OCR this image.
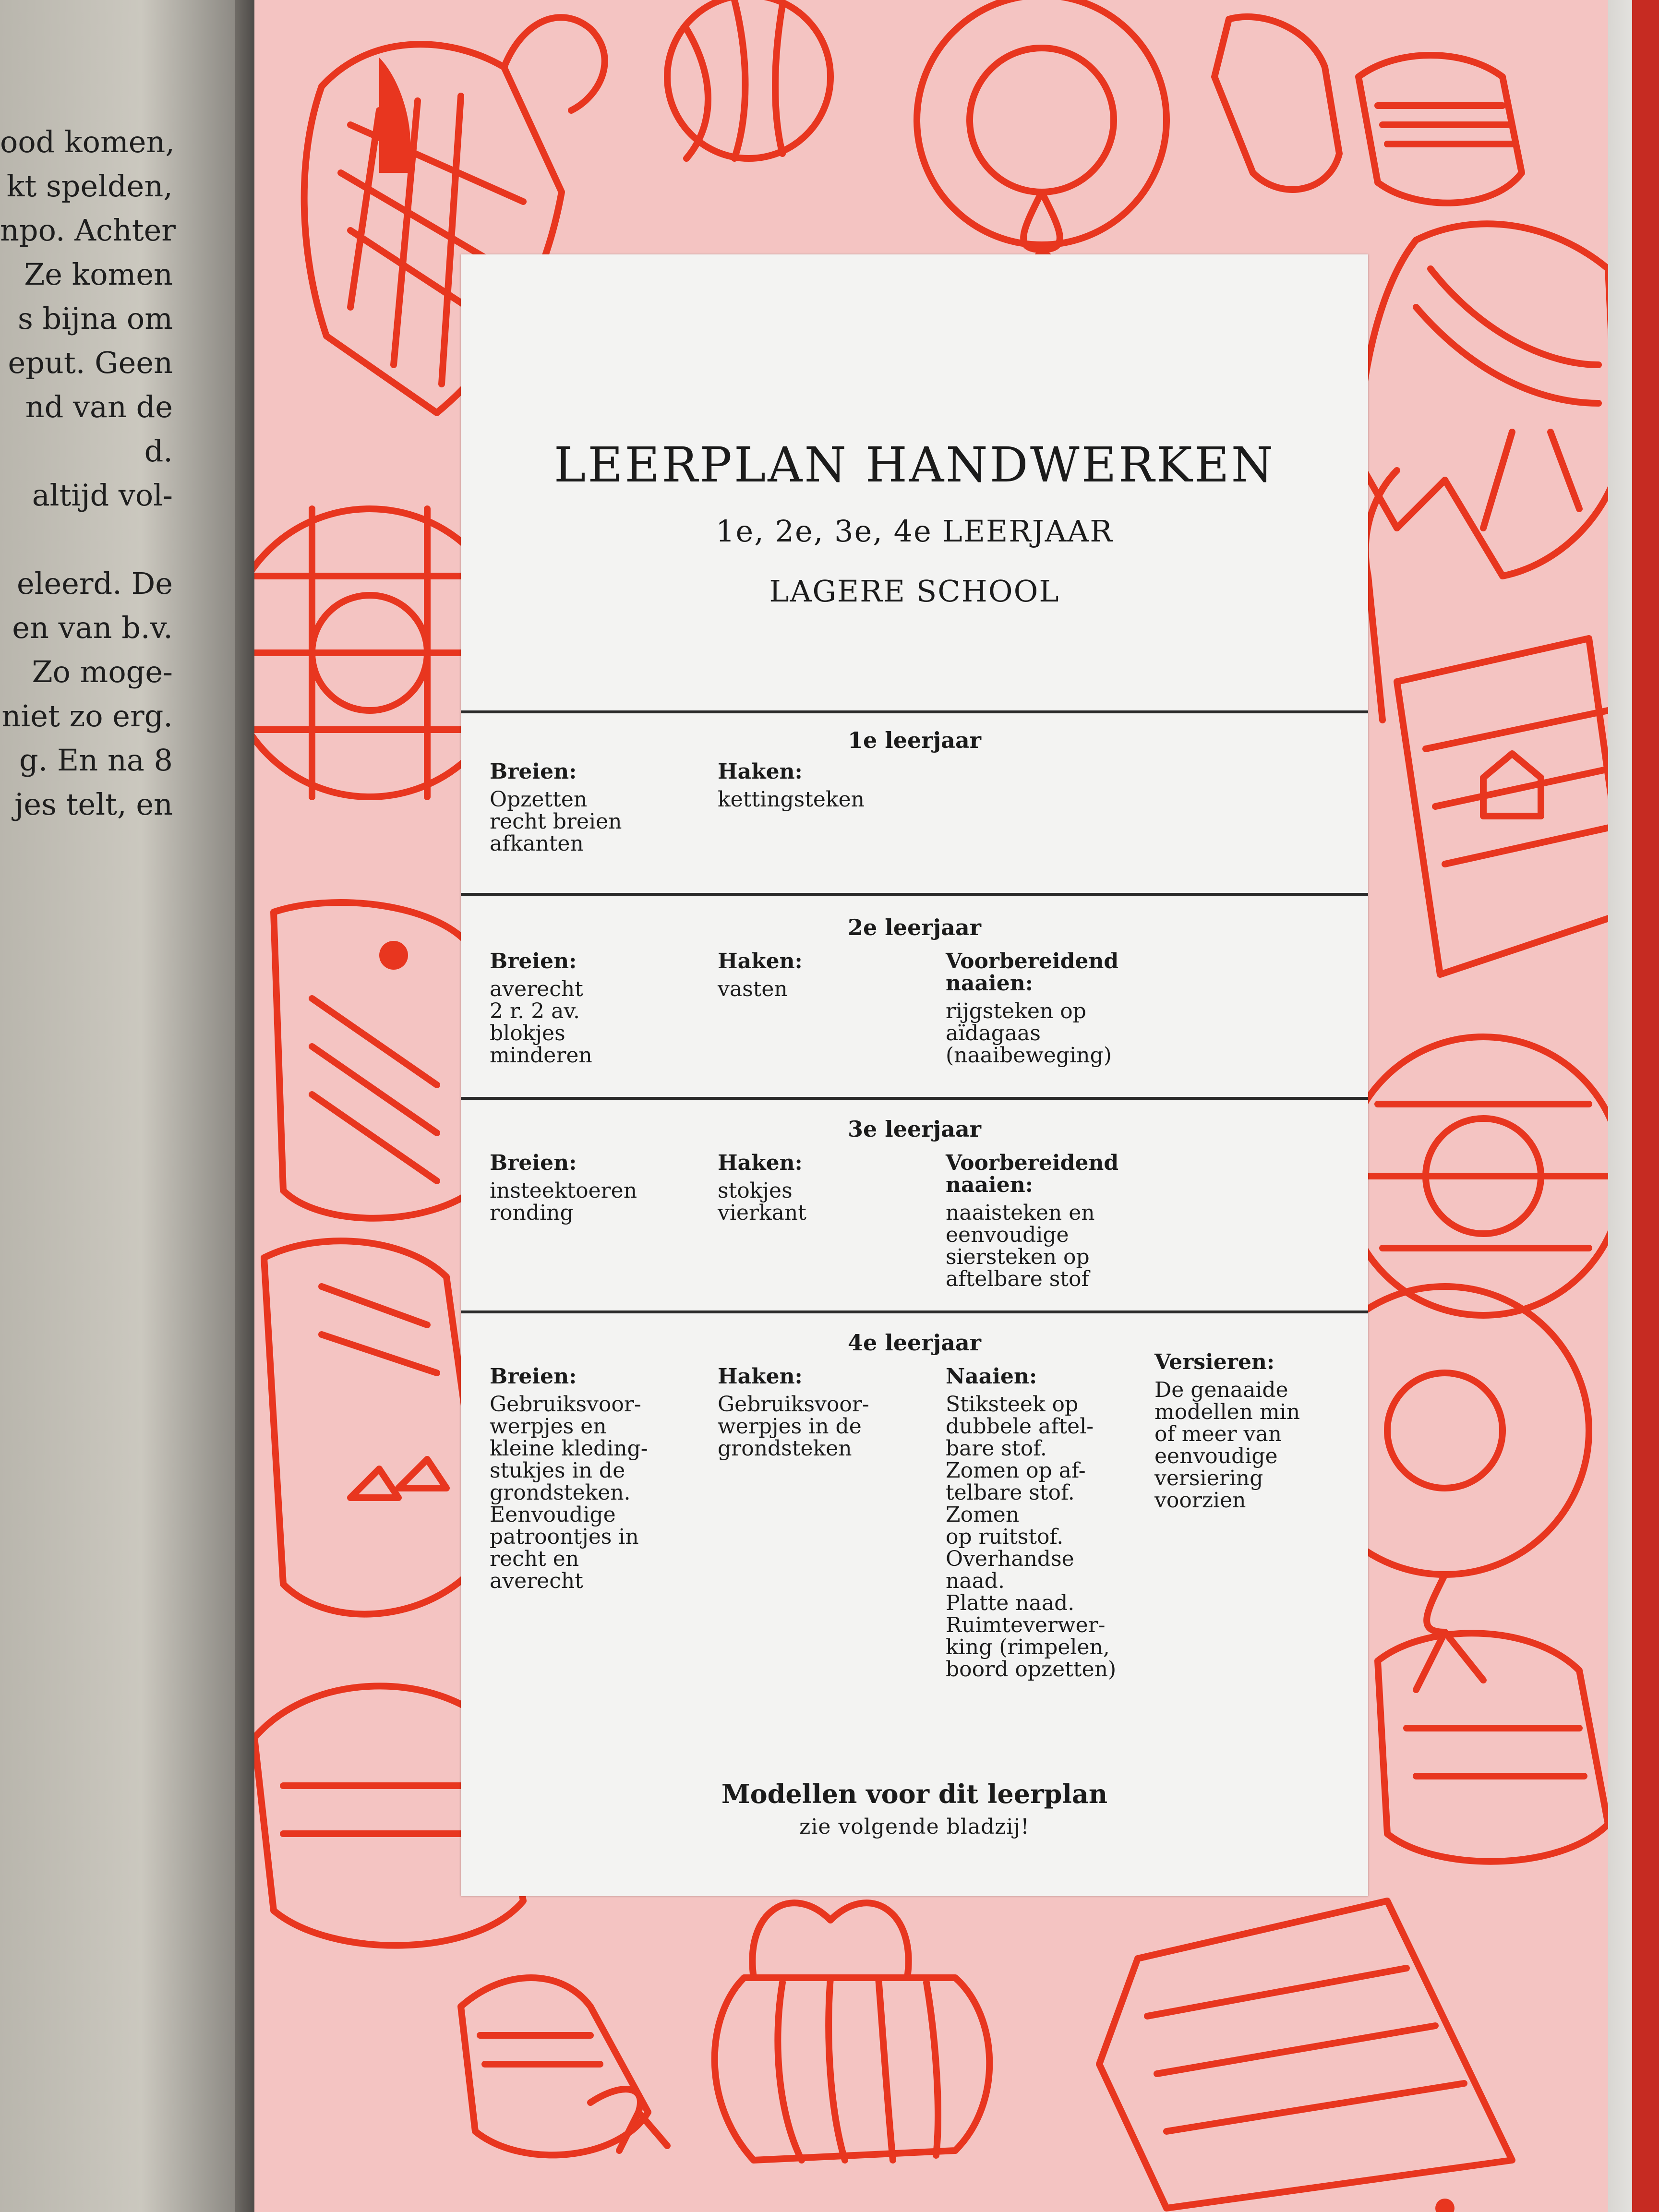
ood komen,
kt spelden,
npo. Achter
Ze komen
s bijna om
eput. Geen
nd van de
d.
altijd vol-

eleerd. De
en van b.v.
Zo moge-
niet zo erg.
g. En na 8
jes telt, en
LEERPLAN HANDWERKEN
1e, 2e, 3e, 4e LEERJAAR
LAGERE SCHOOL
1e leerjaar
Breien:
Opzetten
recht breien
afkanten
Haken:
kettingsteken
2e leerjaar
Breien:
averecht
2 r. 2 av.
blokjes
minderen
Haken:
vasten
Voorbereidend
naaien:
rijgsteken op
aïdagaas
(naaibeweging)
3e leerjaar
Breien:
insteektoeren
ronding
Haken:
stokjes
vierkant
Voorbereidend
naaien:
naaisteken en
eenvoudige
siersteken op
aftelbare stof
4e leerjaar
Breien:
Gebruiksvoor-
werpjes en
kleine kleding-
stukjes in de
grondsteken.
Eenvoudige
patroontjes in
recht en
averecht
Haken:
Gebruiksvoor-
werpjes in de
grondsteken
Naaien:
Stiksteek op
dubbele aftel-
bare stof.
Zomen op af-
telbare stof.
Zomen
op ruitstof.
Overhandse
naad.
Platte naad.
Ruimteverwer-
king (rimpelen,
boord opzetten)
Versieren:
De genaaide
modellen min
of meer van
eenvoudige
versiering
voorzien
Modellen voor dit leerplan
zie volgende bladzij!
